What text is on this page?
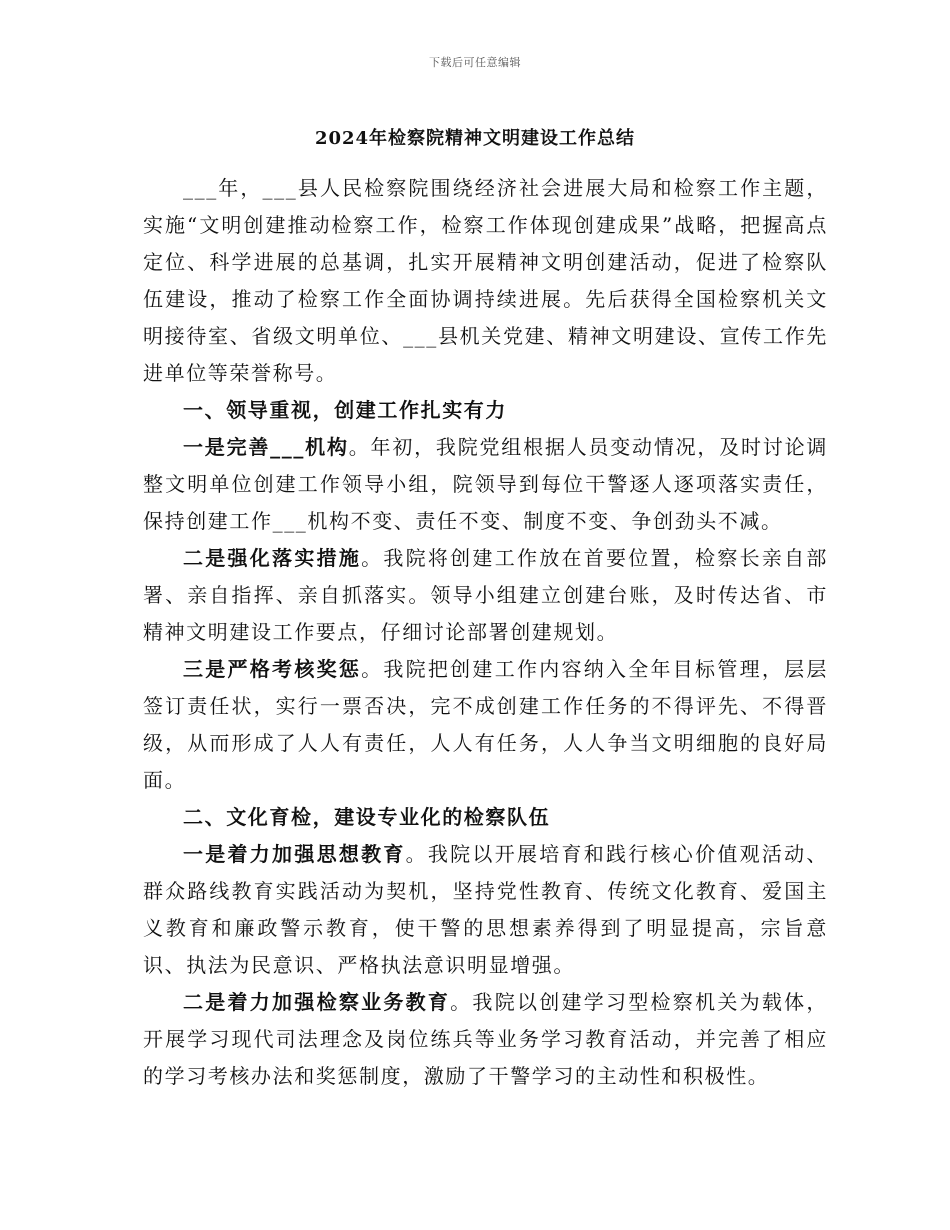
下载后可任意编辑
2024年检察院精神文明建设工作总结

___年，___县人民检察院围绕经济社会进展大局和检察工作主题，实施“文明创建推动检察工作，检察工作体现创建成果”战略，把握高点定位、科学进展的总基调，扎实开展精神文明创建活动，促进了检察队伍建设，推动了检察工作全面协调持续进展。先后获得全国检察机关文明接待室、省级文明单位、___县机关党建、精神文明建设、宣传工作先进单位等荣誉称号。

一、领导重视，创建工作扎实有力

一是完善___机构。年初，我院党组根据人员变动情况，及时讨论调整文明单位创建工作领导小组，院领导到每位干警逐人逐项落实责任，保持创建工作___机构不变、责任不变、制度不变、争创劲头不减。

二是强化落实措施。我院将创建工作放在首要位置，检察长亲自部署、亲自指挥、亲自抓落实。领导小组建立创建台账，及时传达省、市精神文明建设工作要点，仔细讨论部署创建规划。

三是严格考核奖惩。我院把创建工作内容纳入全年目标管理，层层签订责任状，实行一票否决，完不成创建工作任务的不得评先、不得晋级，从而形成了人人有责任，人人有任务，人人争当文明细胞的良好局面。

二、文化育检，建设专业化的检察队伍

一是着力加强思想教育。我院以开展培育和践行核心价值观活动、群众路线教育实践活动为契机，坚持党性教育、传统文化教育、爱国主义教育和廉政警示教育，使干警的思想素养得到了明显提高，宗旨意识、执法为民意识、严格执法意识明显增强。

二是着力加强检察业务教育。我院以创建学习型检察机关为载体，开展学习现代司法理念及岗位练兵等业务学习教育活动，并完善了相应的学习考核办法和奖惩制度，激励了干警学习的主动性和积极性。
